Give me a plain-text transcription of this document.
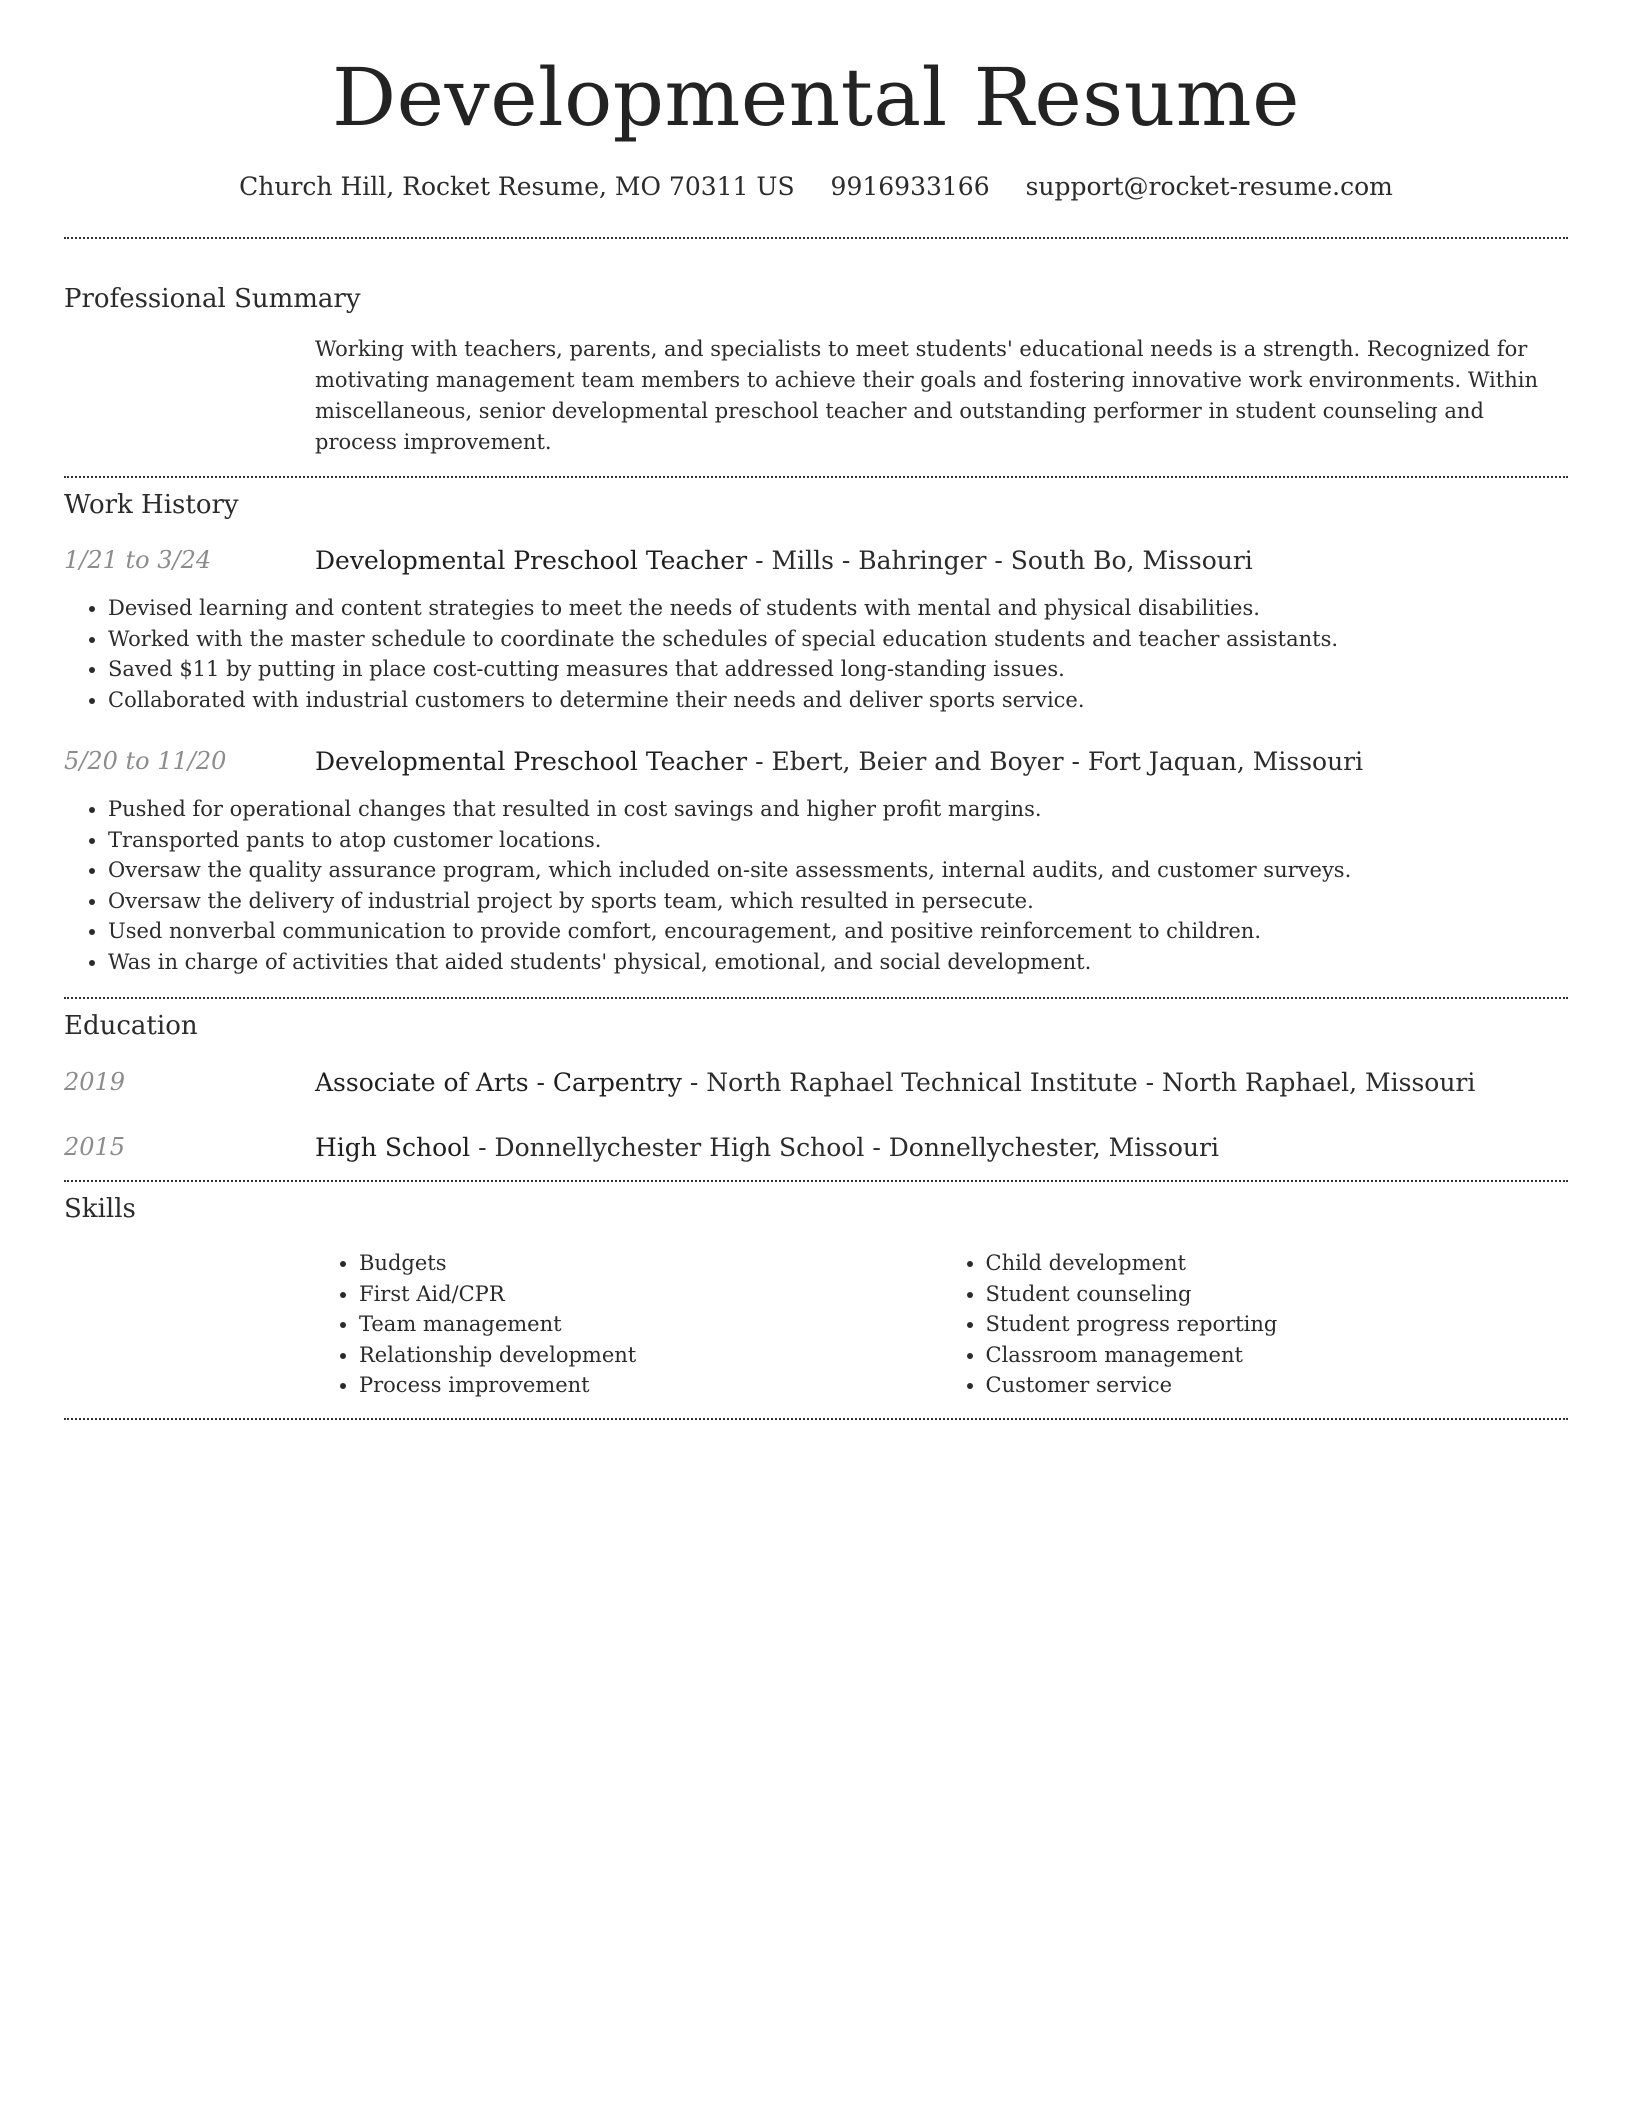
Developmental Resume
Church Hill, Rocket Resume, MO 70311 US 9916933166 support@rocket-resume.com
Professional Summary
Working with teachers, parents, and specialists to meet students' educational needs is a strength. Recognized for motivating management team members to achieve their goals and fostering innovative work environments. Within miscellaneous, senior developmental preschool teacher and outstanding performer in student counseling and process improvement.
Work History
1/21 to 3/24	Developmental Preschool Teacher - Mills - Bahringer - South Bo, Missouri
• Devised learning and content strategies to meet the needs of students with mental and physical disabilities.
• Worked with the master schedule to coordinate the schedules of special education students and teacher assistants.
• Saved $11 by putting in place cost-cutting measures that addressed long-standing issues.
• Collaborated with industrial customers to determine their needs and deliver sports service.
5/20 to 11/20	Developmental Preschool Teacher - Ebert, Beier and Boyer - Fort Jaquan, Missouri
• Pushed for operational changes that resulted in cost savings and higher profit margins.
• Transported pants to atop customer locations.
• Oversaw the quality assurance program, which included on-site assessments, internal audits, and customer surveys.
• Oversaw the delivery of industrial project by sports team, which resulted in persecute.
• Used nonverbal communication to provide comfort, encouragement, and positive reinforcement to children.
• Was in charge of activities that aided students' physical, emotional, and social development.
Education
2019	Associate of Arts - Carpentry - North Raphael Technical Institute - North Raphael, Missouri
2015	High School - Donnellychester High School - Donnellychester, Missouri
Skills
• Budgets
• First Aid/CPR
• Team management
• Relationship development
• Process improvement
• Child development
• Student counseling
• Student progress reporting
• Classroom management
• Customer service
